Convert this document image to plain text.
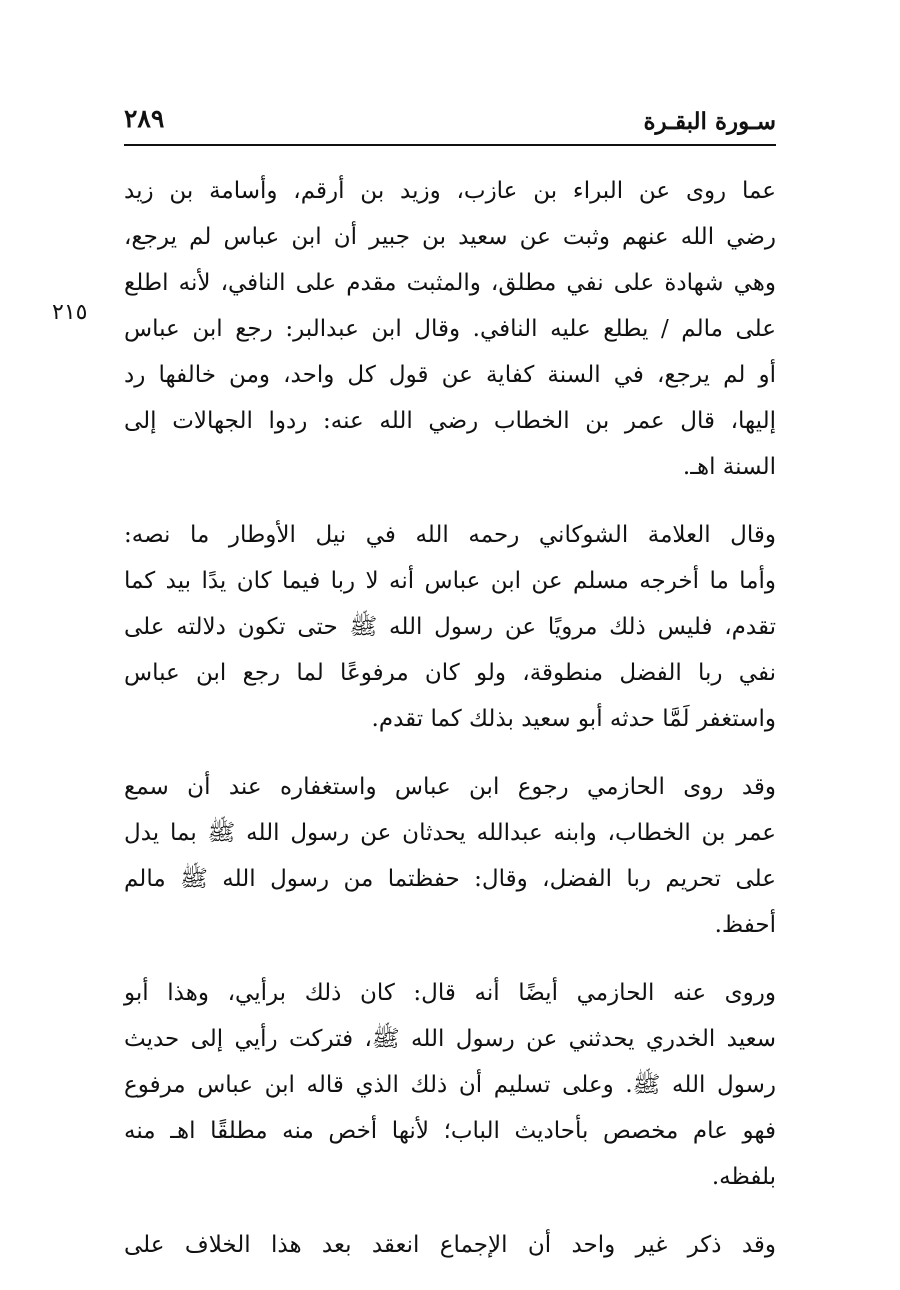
سـورة البقـرة
٢٨٩
٢١٥
عما روى عن البراء بن عازب، وزيد بن أرقم، وأسامة بن زيد
رضي الله عنهم وثبت عن سعيد بن جبير أن ابن عباس لم يرجع،
وهي شهادة على نفي مطلق، والمثبت مقدم على النافي، لأنه اطلع
على مالم / يطلع عليه النافي. وقال ابن عبدالبر: رجع ابن عباس
أو لم يرجع، في السنة كفاية عن قول كل واحد، ومن خالفها رد
إليها، قال عمر بن الخطاب رضي الله عنه: ردوا الجهالات إلى
السنة اهـ.
وقال العلامة الشوكاني رحمه الله في نيل الأوطار ما نصه:
وأما ما أخرجه مسلم عن ابن عباس أنه لا ربا فيما كان يدًا بيد كما
تقدم، فليس ذلك مرويًا عن رسول الله ﷺ حتى تكون دلالته على
نفي ربا الفضل منطوقة، ولو كان مرفوعًا لما رجع ابن عباس
واستغفر لَمَّا حدثه أبو سعيد بذلك كما تقدم.
وقد روى الحازمي رجوع ابن عباس واستغفاره عند أن سمع
عمر بن الخطاب، وابنه عبدالله يحدثان عن رسول الله ﷺ بما يدل
على تحريم ربا الفضل، وقال: حفظتما من رسول الله ﷺ مالم
أحفظ.
وروى عنه الحازمي أيضًا أنه قال: كان ذلك برأيي، وهذا أبو
سعيد الخدري يحدثني عن رسول الله ﷺ، فتركت رأيي إلى حديث
رسول الله ﷺ. وعلى تسليم أن ذلك الذي قاله ابن عباس مرفوع
فهو عام مخصص بأحاديث الباب؛ لأنها أخص منه مطلقًا اهـ منه
بلفظه.
وقد ذكر غير واحد أن الإجماع انعقد بعد هذا الخلاف على
